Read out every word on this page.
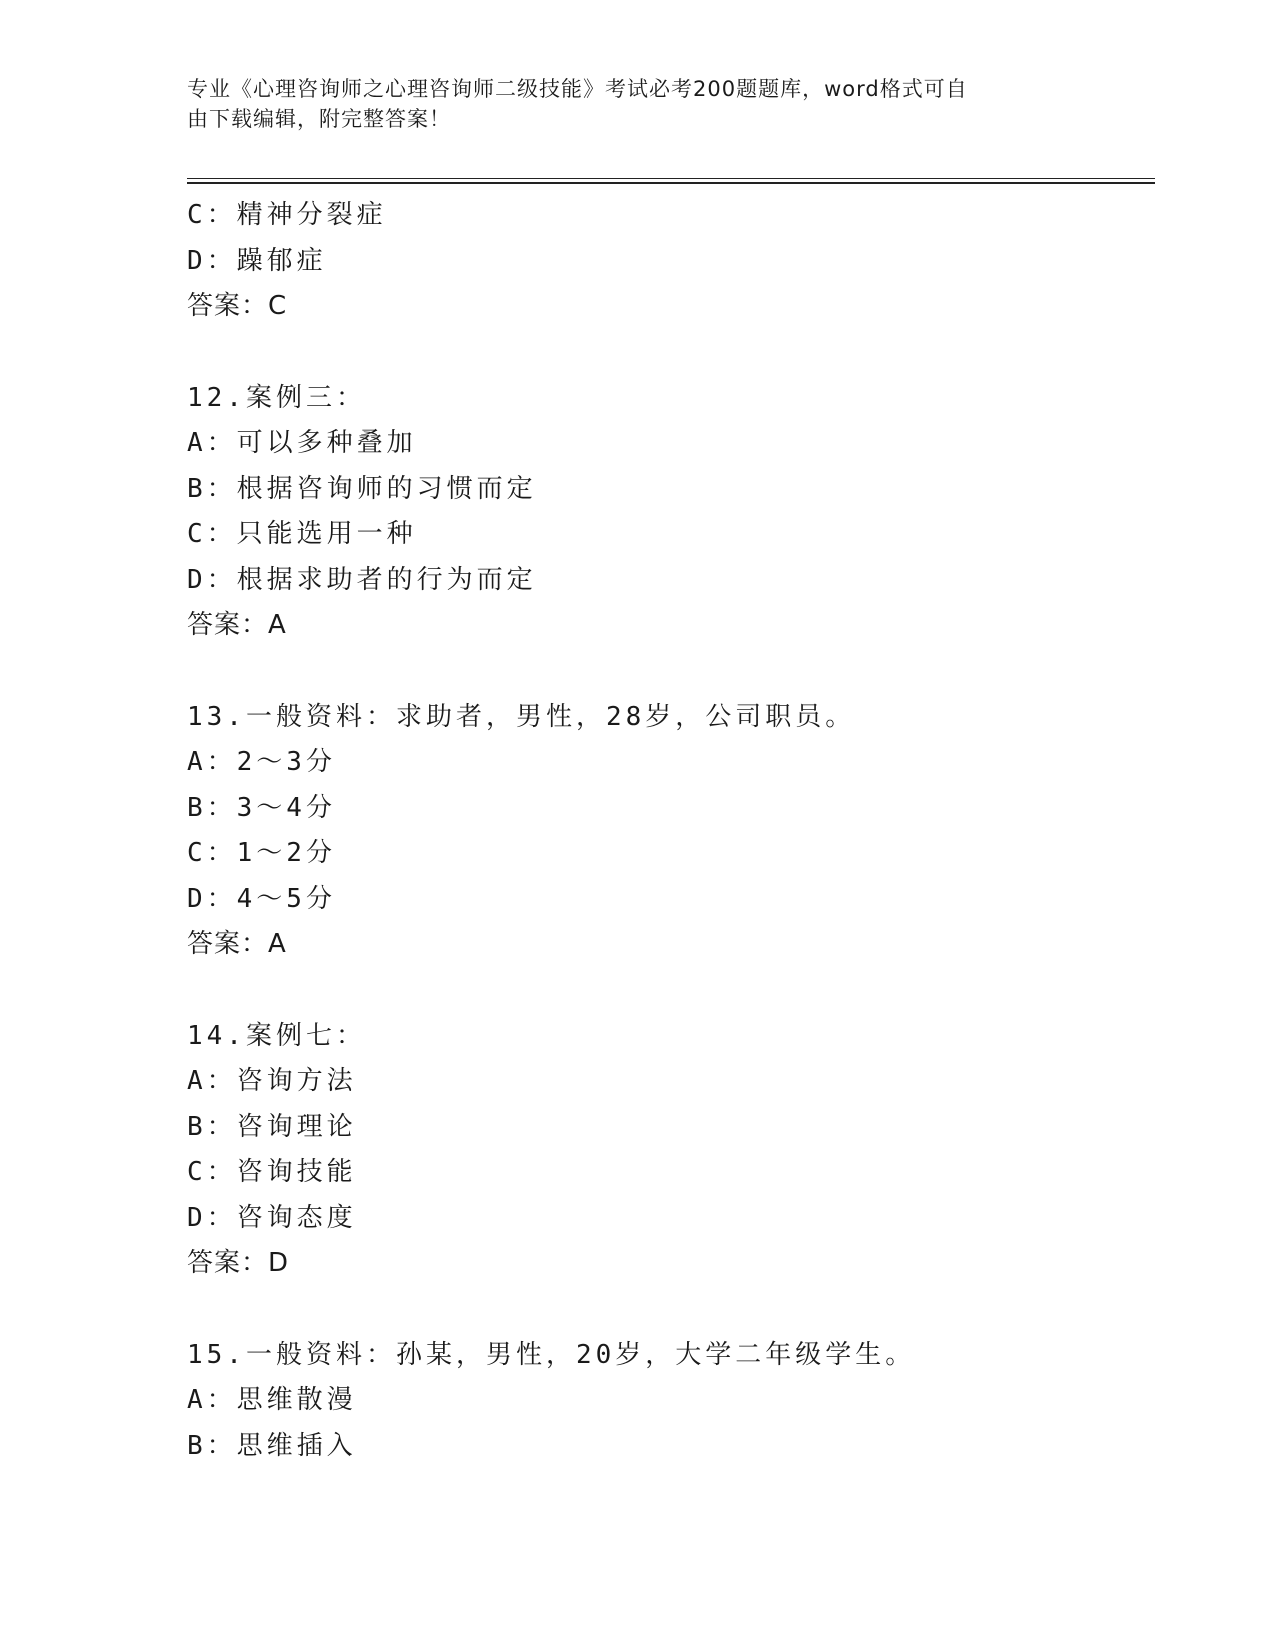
专业《心理咨询师之心理咨询师二级技能》考试必考200题题库，word格式可自
由下载编辑，附完整答案！
C：精神分裂症
D：躁郁症
答案：C
12.案例三：
A：可以多种叠加
B：根据咨询师的习惯而定
C：只能选用一种
D：根据求助者的行为而定
答案：A
13.一般资料：求助者，男性，28岁，公司职员。
A：2～3分
B：3～4分
C：1～2分
D：4～5分
答案：A
14.案例七：
A：咨询方法
B：咨询理论
C：咨询技能
D：咨询态度
答案：D
15.一般资料：孙某，男性，20岁，大学二年级学生。
A：思维散漫
B：思维插入
